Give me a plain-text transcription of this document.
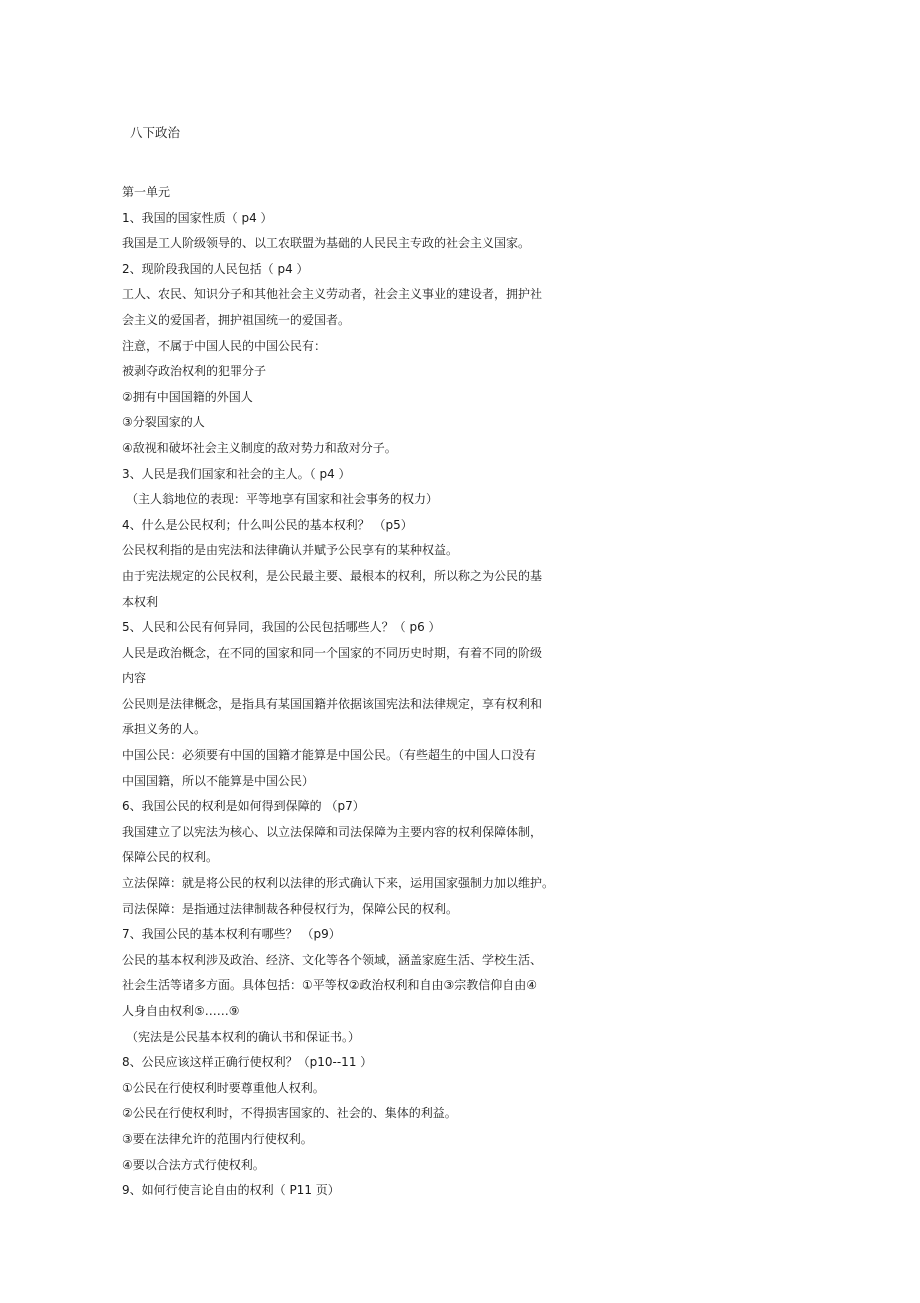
八下政治
第一单元
1、我国的国家性质（ p4 ）
我国是工人阶级领导的、以工农联盟为基础的人民民主专政的社会主义国家。
2、现阶段我国的人民包括（ p4 ）
工人、农民、知识分子和其他社会主义劳动者，社会主义事业的建设者，拥护社
会主义的爱国者，拥护祖国统一的爱国者。
注意，不属于中国人民的中国公民有：
被剥夺政治权利的犯罪分子
②拥有中国国籍的外国人
③分裂国家的人
④敌视和破坏社会主义制度的敌对势力和敌对分子。
3、人民是我们国家和社会的主人。（ p4 ）
（主人翁地位的表现：平等地享有国家和社会事务的权力）
4、什么是公民权利；什么叫公民的基本权利？ （p5）
公民权利指的是由宪法和法律确认并赋予公民享有的某种权益。
由于宪法规定的公民权利，是公民最主要、最根本的权利，所以称之为公民的基
本权利
5、人民和公民有何异同，我国的公民包括哪些人？（ p6 ）
人民是政治概念，在不同的国家和同一个国家的不同历史时期，有着不同的阶级
内容
公民则是法律概念，是指具有某国国籍并依据该国宪法和法律规定，享有权利和
承担义务的人。
中国公民：必须要有中国的国籍才能算是中国公民。（有些超生的中国人口没有
中国国籍，所以不能算是中国公民）
6、我国公民的权利是如何得到保障的 （p7）
我国建立了以宪法为核心、以立法保障和司法保障为主要内容的权利保障体制，
保障公民的权利。
立法保障：就是将公民的权利以法律的形式确认下来，运用国家强制力加以维护。
司法保障：是指通过法律制裁各种侵权行为，保障公民的权利。
7、我国公民的基本权利有哪些？ （p9）
公民的基本权利涉及政治、经济、文化等各个领域，涵盖家庭生活、学校生活、
社会生活等诸多方面。具体包括：①平等权②政治权利和自由③宗教信仰自由④
人身自由权利⑤……⑨
（宪法是公民基本权利的确认书和保证书。）
8、公民应该这样正确行使权利？（p10--11 ）
①公民在行使权利时要尊重他人权利。
②公民在行使权利时，不得损害国家的、社会的、集体的利益。
③要在法律允许的范围内行使权利。
④要以合法方式行使权利。
9、如何行使言论自由的权利（ P11 页）
